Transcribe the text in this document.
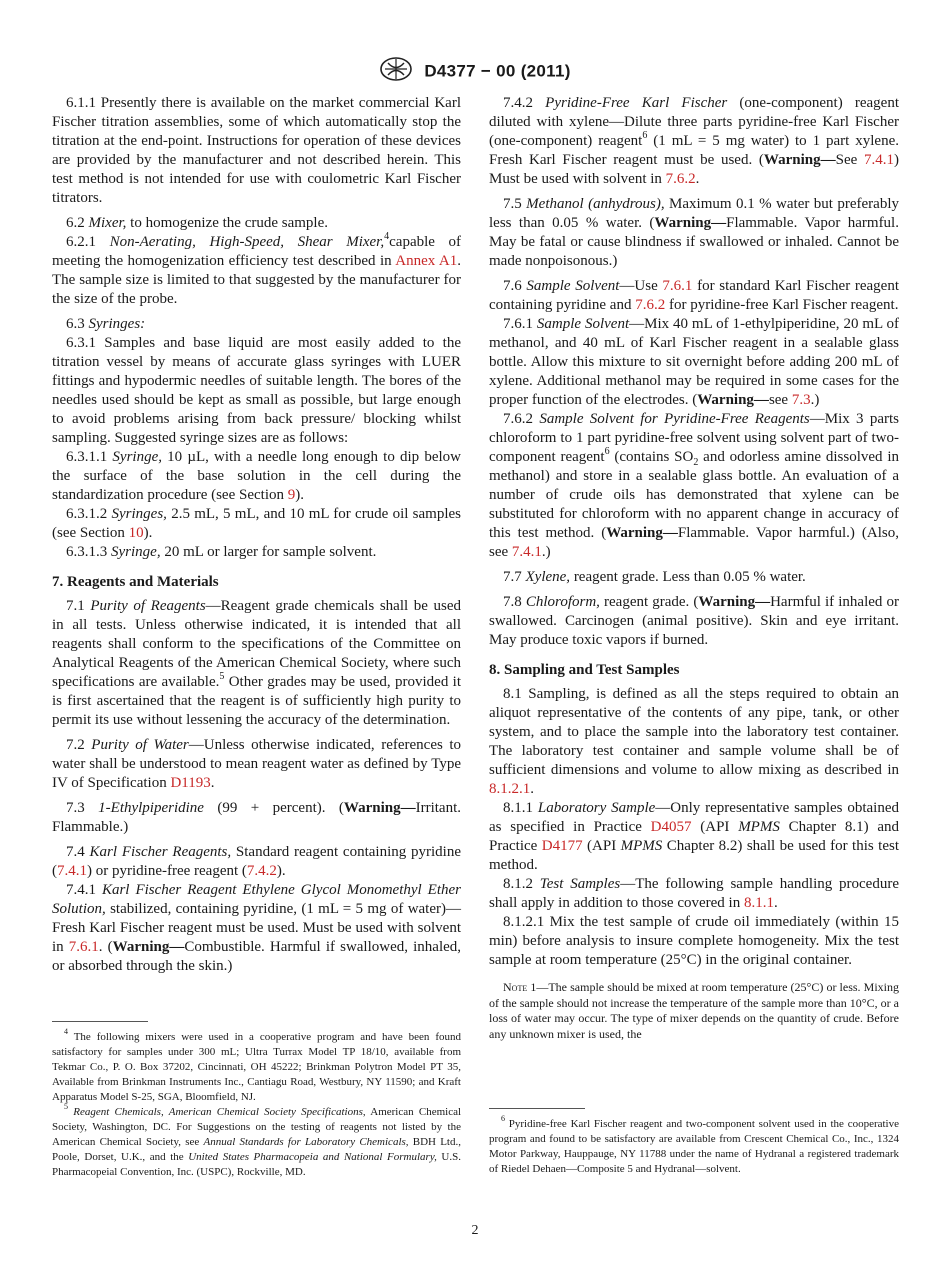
D4377 − 00 (2011)

6.1.1 Presently there is available on the market commercial Karl Fischer titration assemblies, some of which automatically stop the titration at the end-point. Instructions for operation of these devices are provided by the manufacturer and not described herein. This test method is not intended for use with coulometric Karl Fischer titrators.

6.2 Mixer, to homogenize the crude sample.

6.2.1 Non-Aerating, High-Speed, Shear Mixer,$^4$capable of meeting the homogenization efficiency test described in Annex A1. The sample size is limited to that suggested by the manufacturer for the size of the probe.

6.3 Syringes:

6.3.1 Samples and base liquid are most easily added to the titration vessel by means of accurate glass syringes with LUER fittings and hypodermic needles of suitable length. The bores of the needles used should be kept as small as possible, but large enough to avoid problems arising from back pressure/ blocking whilst sampling. Suggested syringe sizes are as follows:

6.3.1.1 Syringe, 10 µL, with a needle long enough to dip below the surface of the base solution in the cell during the standardization procedure (see Section 9).

6.3.1.2 Syringes, 2.5 mL, 5 mL, and 10 mL for crude oil samples (see Section 10).

6.3.1.3 Syringe, 20 mL or larger for sample solvent.

7. Reagents and Materials

7.1 Purity of Reagents—Reagent grade chemicals shall be used in all tests. Unless otherwise indicated, it is intended that all reagents shall conform to the specifications of the Committee on Analytical Reagents of the American Chemical Society, where such specifications are available.$^5$ Other grades may be used, provided it is first ascertained that the reagent is of sufficiently high purity to permit its use without lessening the accuracy of the determination.

7.2 Purity of Water—Unless otherwise indicated, references to water shall be understood to mean reagent water as defined by Type IV of Specification D1193.

7.3 1-Ethylpiperidine (99 + percent). (Warning—Irritant. Flammable.)

7.4 Karl Fischer Reagents, Standard reagent containing pyridine (7.4.1) or pyridine-free reagent (7.4.2).

7.4.1 Karl Fischer Reagent Ethylene Glycol Monomethyl Ether Solution, stabilized, containing pyridine, (1 mL = 5 mg of water)—Fresh Karl Fischer reagent must be used. Must be used with solvent in 7.6.1. (Warning—Combustible. Harmful if swallowed, inhaled, or absorbed through the skin.)

$^4$ The following mixers were used in a cooperative program and have been found satisfactory for samples under 300 mL; Ultra Turrax Model TP 18/10, available from Tekmar Co., P. O. Box 37202, Cincinnati, OH 45222; Brinkman Polytron Model PT 35, Available from Brinkman Instruments Inc., Cantiagu Road, Westbury, NY 11590; and Kraft Apparatus Model S-25, SGA, Bloomfield, NJ.

$^5$ Reagent Chemicals, American Chemical Society Specifications, American Chemical Society, Washington, DC. For Suggestions on the testing of reagents not listed by the American Chemical Society, see Annual Standards for Laboratory Chemicals, BDH Ltd., Poole, Dorset, U.K., and the United States Pharmacopeia and National Formulary, U.S. Pharmacopeial Convention, Inc. (USPC), Rockville, MD.

7.4.2 Pyridine-Free Karl Fischer (one-component) reagent diluted with xylene—Dilute three parts pyridine-free Karl Fischer (one-component) reagent$^6$ (1 mL = 5 mg water) to 1 part xylene. Fresh Karl Fischer reagent must be used. (Warning—See 7.4.1) Must be used with solvent in 7.6.2.

7.5 Methanol (anhydrous), Maximum 0.1 % water but preferably less than 0.05 % water. (Warning—Flammable. Vapor harmful. May be fatal or cause blindness if swallowed or inhaled. Cannot be made nonpoisonous.)

7.6 Sample Solvent—Use 7.6.1 for standard Karl Fischer reagent containing pyridine and 7.6.2 for pyridine-free Karl Fischer reagent.

7.6.1 Sample Solvent—Mix 40 mL of 1-ethylpiperidine, 20 mL of methanol, and 40 mL of Karl Fischer reagent in a sealable glass bottle. Allow this mixture to sit overnight before adding 200 mL of xylene. Additional methanol may be required in some cases for the proper function of the electrodes. (Warning—see 7.3.)

7.6.2 Sample Solvent for Pyridine-Free Reagents—Mix 3 parts chloroform to 1 part pyridine-free solvent using solvent part of two-component reagent$^6$ (contains $SO_2$ and odorless amine dissolved in methanol) and store in a sealable glass bottle. An evaluation of a number of crude oils has demonstrated that xylene can be substituted for chloroform with no apparent change in accuracy of this test method. (Warning—Flammable. Vapor harmful.) (Also, see 7.4.1.)

7.7 Xylene, reagent grade. Less than 0.05 % water.

7.8 Chloroform, reagent grade. (Warning—Harmful if inhaled or swallowed. Carcinogen (animal positive). Skin and eye irritant. May produce toxic vapors if burned.

8. Sampling and Test Samples

8.1 Sampling, is defined as all the steps required to obtain an aliquot representative of the contents of any pipe, tank, or other system, and to place the sample into the laboratory test container. The laboratory test container and sample volume shall be of sufficient dimensions and volume to allow mixing as described in 8.1.2.1.

8.1.1 Laboratory Sample—Only representative samples obtained as specified in Practice D4057 (API MPMS Chapter 8.1) and Practice D4177 (API MPMS Chapter 8.2) shall be used for this test method.

8.1.2 Test Samples—The following sample handling procedure shall apply in addition to those covered in 8.1.1.

8.1.2.1 Mix the test sample of crude oil immediately (within 15 min) before analysis to insure complete homogeneity. Mix the test sample at room temperature (25°C) in the original container.

Note 1—The sample should be mixed at room temperature (25°C) or less. Mixing of the sample should not increase the temperature of the sample more than 10°C, or a loss of water may occur. The type of mixer depends on the quantity of crude. Before any unknown mixer is used, the

$^6$ Pyridine-free Karl Fischer reagent and two-component solvent used in the cooperative program and found to be satisfactory are available from Crescent Chemical Co., Inc., 1324 Motor Parkway, Hauppauge, NY 11788 under the name of Hydranal a registered trademark of Riedel Dehaen—Composite 5 and Hydranal—solvent.

2
